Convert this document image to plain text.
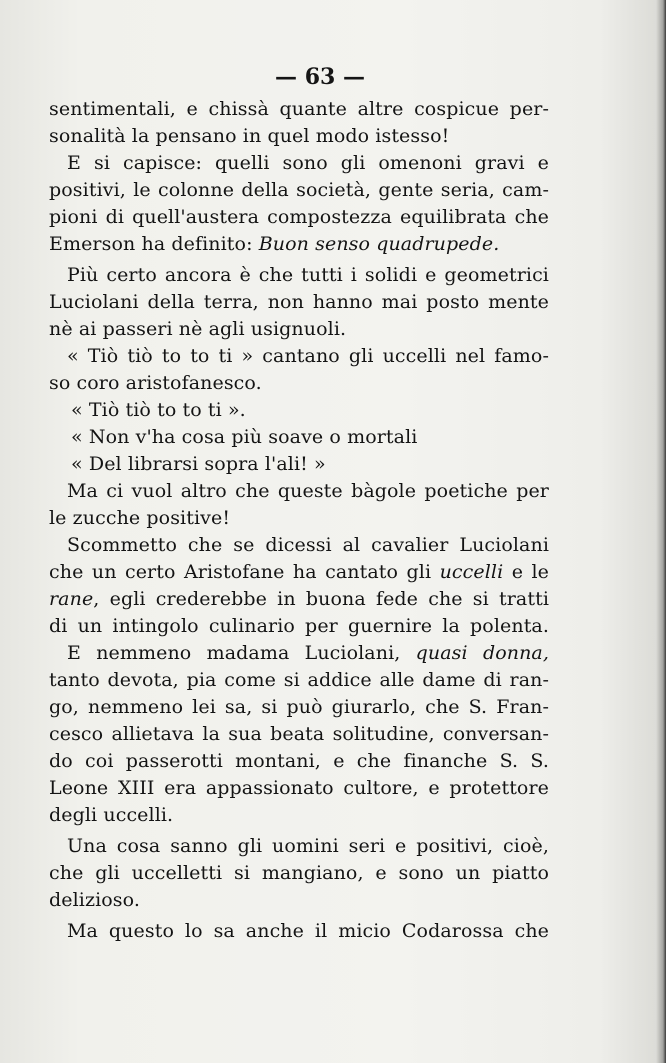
— 63 —
sentimentali, e chissà quante altre cospicue per-
sonalità la pensano in quel modo istesso!
E si capisce: quelli sono gli omenoni gravi e
positivi, le colonne della società, gente seria, cam-
pioni di quell'austera compostezza equilibrata che
Emerson ha definito: Buon senso quadrupede.
Più certo ancora è che tutti i solidi e geometrici
Luciolani della terra, non hanno mai posto mente
nè ai passeri nè agli usignuoli.
« Tiò tiò to to ti » cantano gli uccelli nel famo-
so coro aristofanesco.
« Tiò tiò to to ti ».
« Non v'ha cosa più soave o mortali
« Del librarsi sopra l'ali! »
Ma ci vuol altro che queste bàgole poetiche per
le zucche positive!
Scommetto che se dicessi al cavalier Luciolani
che un certo Aristofane ha cantato gli uccelli e le
rane, egli crederebbe in buona fede che si tratti
di un intingolo culinario per guernire la polenta.
E nemmeno madama Luciolani, quasi donna,
tanto devota, pia come si addice alle dame di ran-
go, nemmeno lei sa, si può giurarlo, che S. Fran-
cesco allietava la sua beata solitudine, conversan-
do coi passerotti montani, e che finanche S. S.
Leone XIII era appassionato cultore, e protettore
degli uccelli.
Una cosa sanno gli uomini seri e positivi, cioè,
che gli uccelletti si mangiano, e sono un piatto
delizioso.
Ma questo lo sa anche il micio Codarossa che
